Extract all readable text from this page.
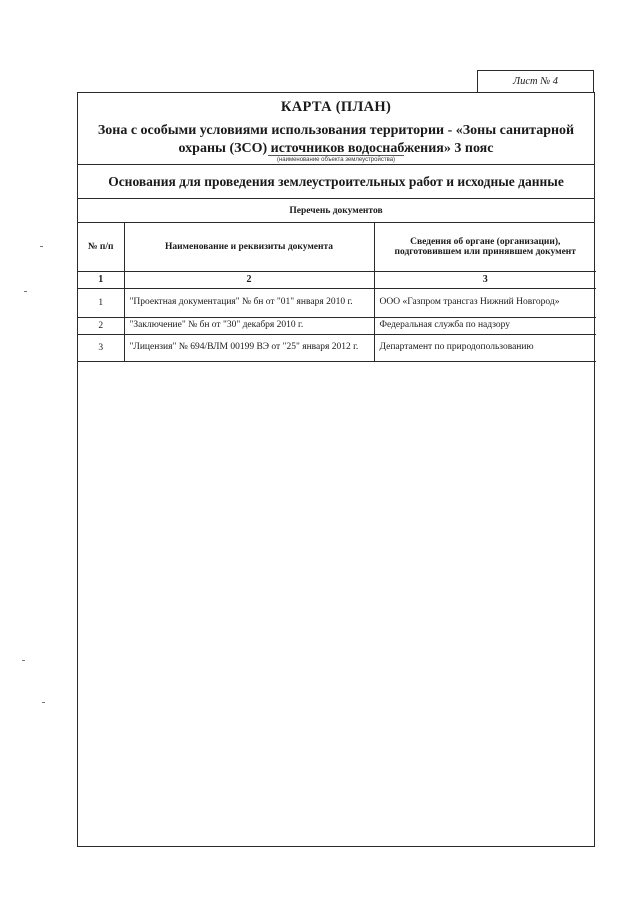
Лист № 4
КАРТА (ПЛАН)
Зона с особыми условиями использования территории - «Зоны санитарной охраны (ЗСО) источников водоснабжения» 3 пояс
(наименование объекта землеустройства)
Основания для проведения землеустроительных работ и исходные данные
Перечень документов
№ п/п	Наименование и реквизиты документа	Сведения об органе (организации), подготовившем или принявшем документ
1	2	3
1	"Проектная документация" № бн от "01" января 2010 г.	ООО «Газпром трансгаз Нижний Новгород»
2	"Заключение" № бн от "30" декабря 2010 г.	Федеральная служба по надзору
3	"Лицензия" № 694/ВЛМ 00199 ВЭ от "25" января 2012 г.	Департамент по природопользованию
